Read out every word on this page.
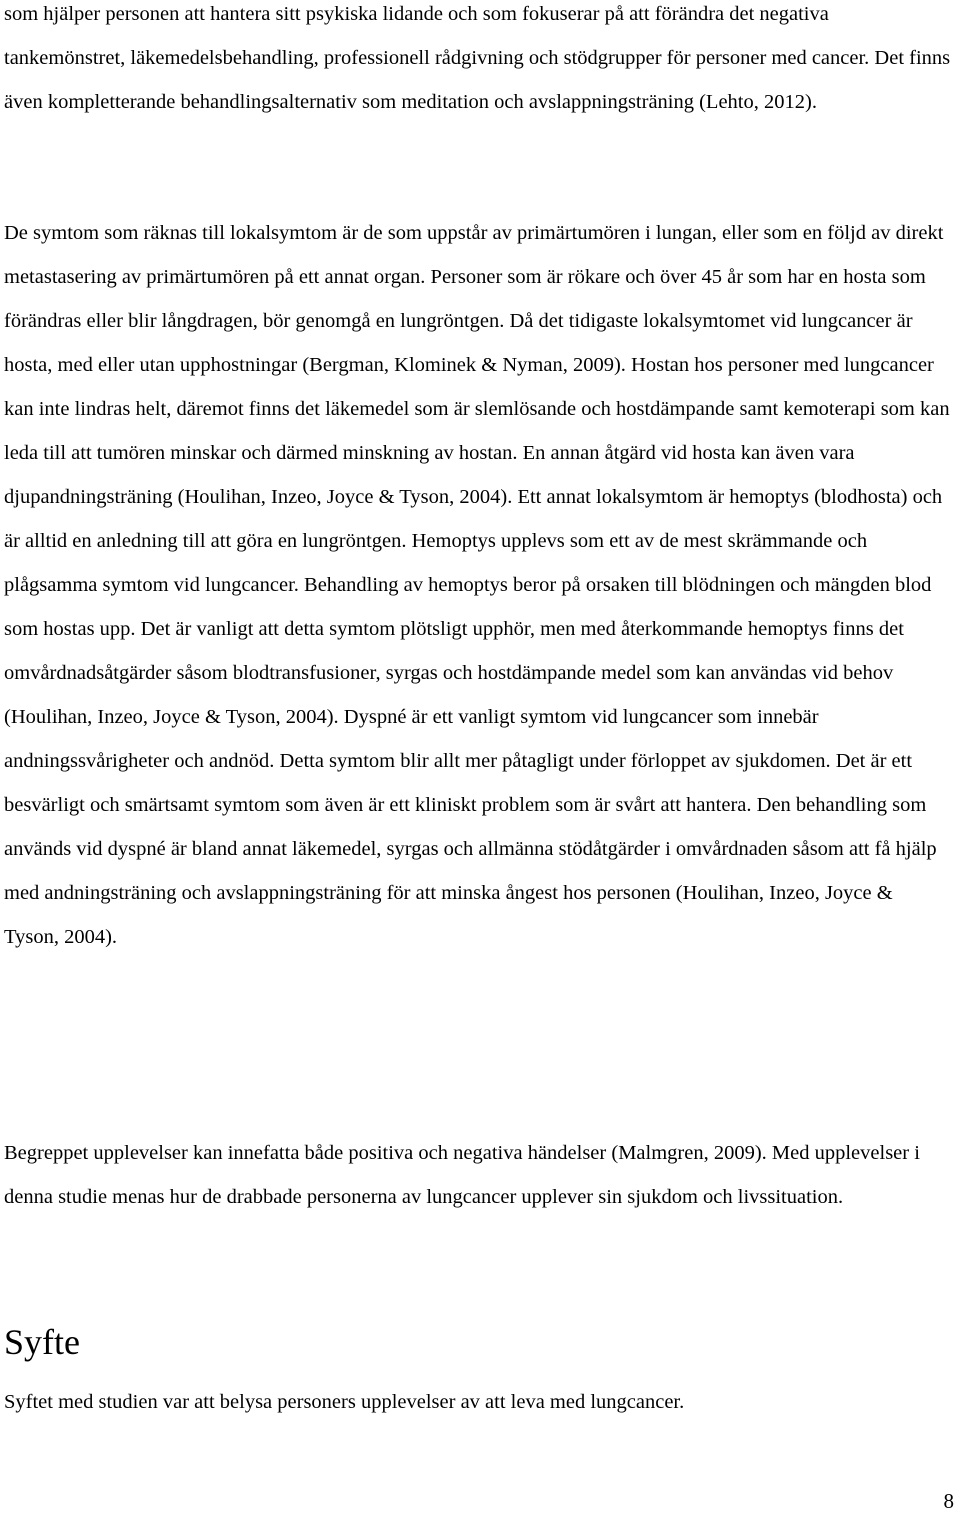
som hjälper personen att hantera sitt psykiska lidande och som fokuserar på att förändra det negativa tankemönstret, läkemedelsbehandling, professionell rådgivning och stödgrupper för personer med cancer. Det finns även kompletterande behandlingsalternativ som meditation och avslappningsträning (Lehto, 2012).

De symtom som räknas till lokalsymtom är de som uppstår av primärtumören i lungan, eller som en följd av direkt metastasering av primärtumören på ett annat organ. Personer som är rökare och över 45 år som har en hosta som förändras eller blir långdragen, bör genomgå en lungröntgen. Då det tidigaste lokalsymtomet vid lungcancer är hosta, med eller utan upphostningar (Bergman, Klominek & Nyman, 2009). Hostan hos personer med lungcancer kan inte lindras helt, däremot finns det läkemedel som är slemlösande och hostdämpande samt kemoterapi som kan leda till att tumören minskar och därmed minskning av hostan. En annan åtgärd vid hosta kan även vara djupandningsträning (Houlihan, Inzeo, Joyce & Tyson, 2004). Ett annat lokalsymtom är hemoptys (blodhosta) och är alltid en anledning till att göra en lungröntgen. Hemoptys upplevs som ett av de mest skrämmande och plågsamma symtom vid lungcancer. Behandling av hemoptys beror på orsaken till blödningen och mängden blod som hostas upp. Det är vanligt att detta symtom plötsligt upphör, men med återkommande hemoptys finns det omvårdnadsåtgärder såsom blodtransfusioner, syrgas och hostdämpande medel som kan användas vid behov (Houlihan, Inzeo, Joyce & Tyson, 2004). Dyspné är ett vanligt symtom vid lungcancer som innebär andningssvårigheter och andnöd. Detta symtom blir allt mer påtagligt under förloppet av sjukdomen. Det är ett besvärligt och smärtsamt symtom som även är ett kliniskt problem som är svårt att hantera. Den behandling som används vid dyspné är bland annat läkemedel, syrgas och allmänna stödåtgärder i omvårdnaden såsom att få hjälp med andningsträning och avslappningsträning för att minska ångest hos personen (Houlihan, Inzeo, Joyce & Tyson, 2004).

Begreppet upplevelser kan innefatta både positiva och negativa händelser (Malmgren, 2009). Med upplevelser i denna studie menas hur de drabbade personerna av lungcancer upplever sin sjukdom och livssituation.

Syfte

Syftet med studien var att belysa personers upplevelser av att leva med lungcancer.

8
